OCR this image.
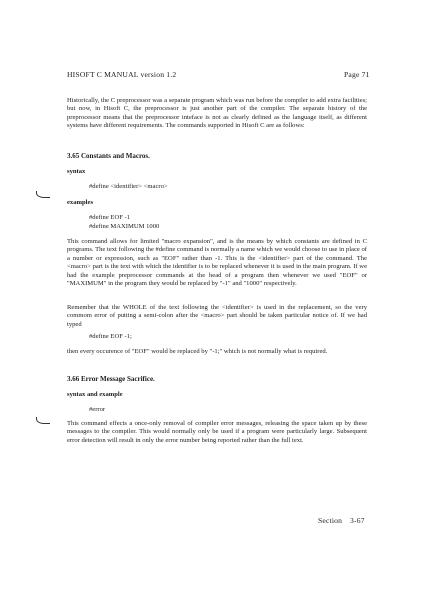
HISOFT C MANUAL version 1.2	Page 71

Historically, the C preprocessor was a separate program which was run before the compiler to add extra facilities; but now, in Hisoft C, the preprocessor is just another part of the compiler. The separate history of the preprocessor means that the preprocessor inteface is not as clearly defined as the language itself, as different systems have different requirements. The commands supported in Hisoft C are as follows:

3.65 Constants and Macros.
syntax
#define <identifier> <macro>
examples
#define EOF -1
#define MAXIMUM 1000

This command allows for limited "macro expansion", and is the means by which constants are defined in C programs. The text following the #define command is normally a name which we would choose to use in place of a number or expression, such as "EOF" rather than -1. This is the <identifier> part of the command. The <macro> part is the text with which the identifier is to be replaced whenever it is used in the main program. If we had the example preprocessor commands at the head of a program then whenever we used "EOF" or "MAXIMUM" in the program they would be replaced by "-1" and "1000" respectively.

Remember that the WHOLE of the text following the <identifier> is used in the replacement, so the very commom error of putting a semi-colon after the <macro> part should be taken particular notice of. If we had typed

#define EOF -1;

then every occurence of "EOF" would be replaced by "-1;" which is not normally what is required.

3.66 Error Message Sacrifice.
syntax and example
#error

This command effects a once-only removal of compiler error messages, releasing the space taken up by these messages to the compiler. This would normally only be used if a program were particularly large. Subsequent error detection will result in only the error number being reported rather than the full text.

Section 3-67
